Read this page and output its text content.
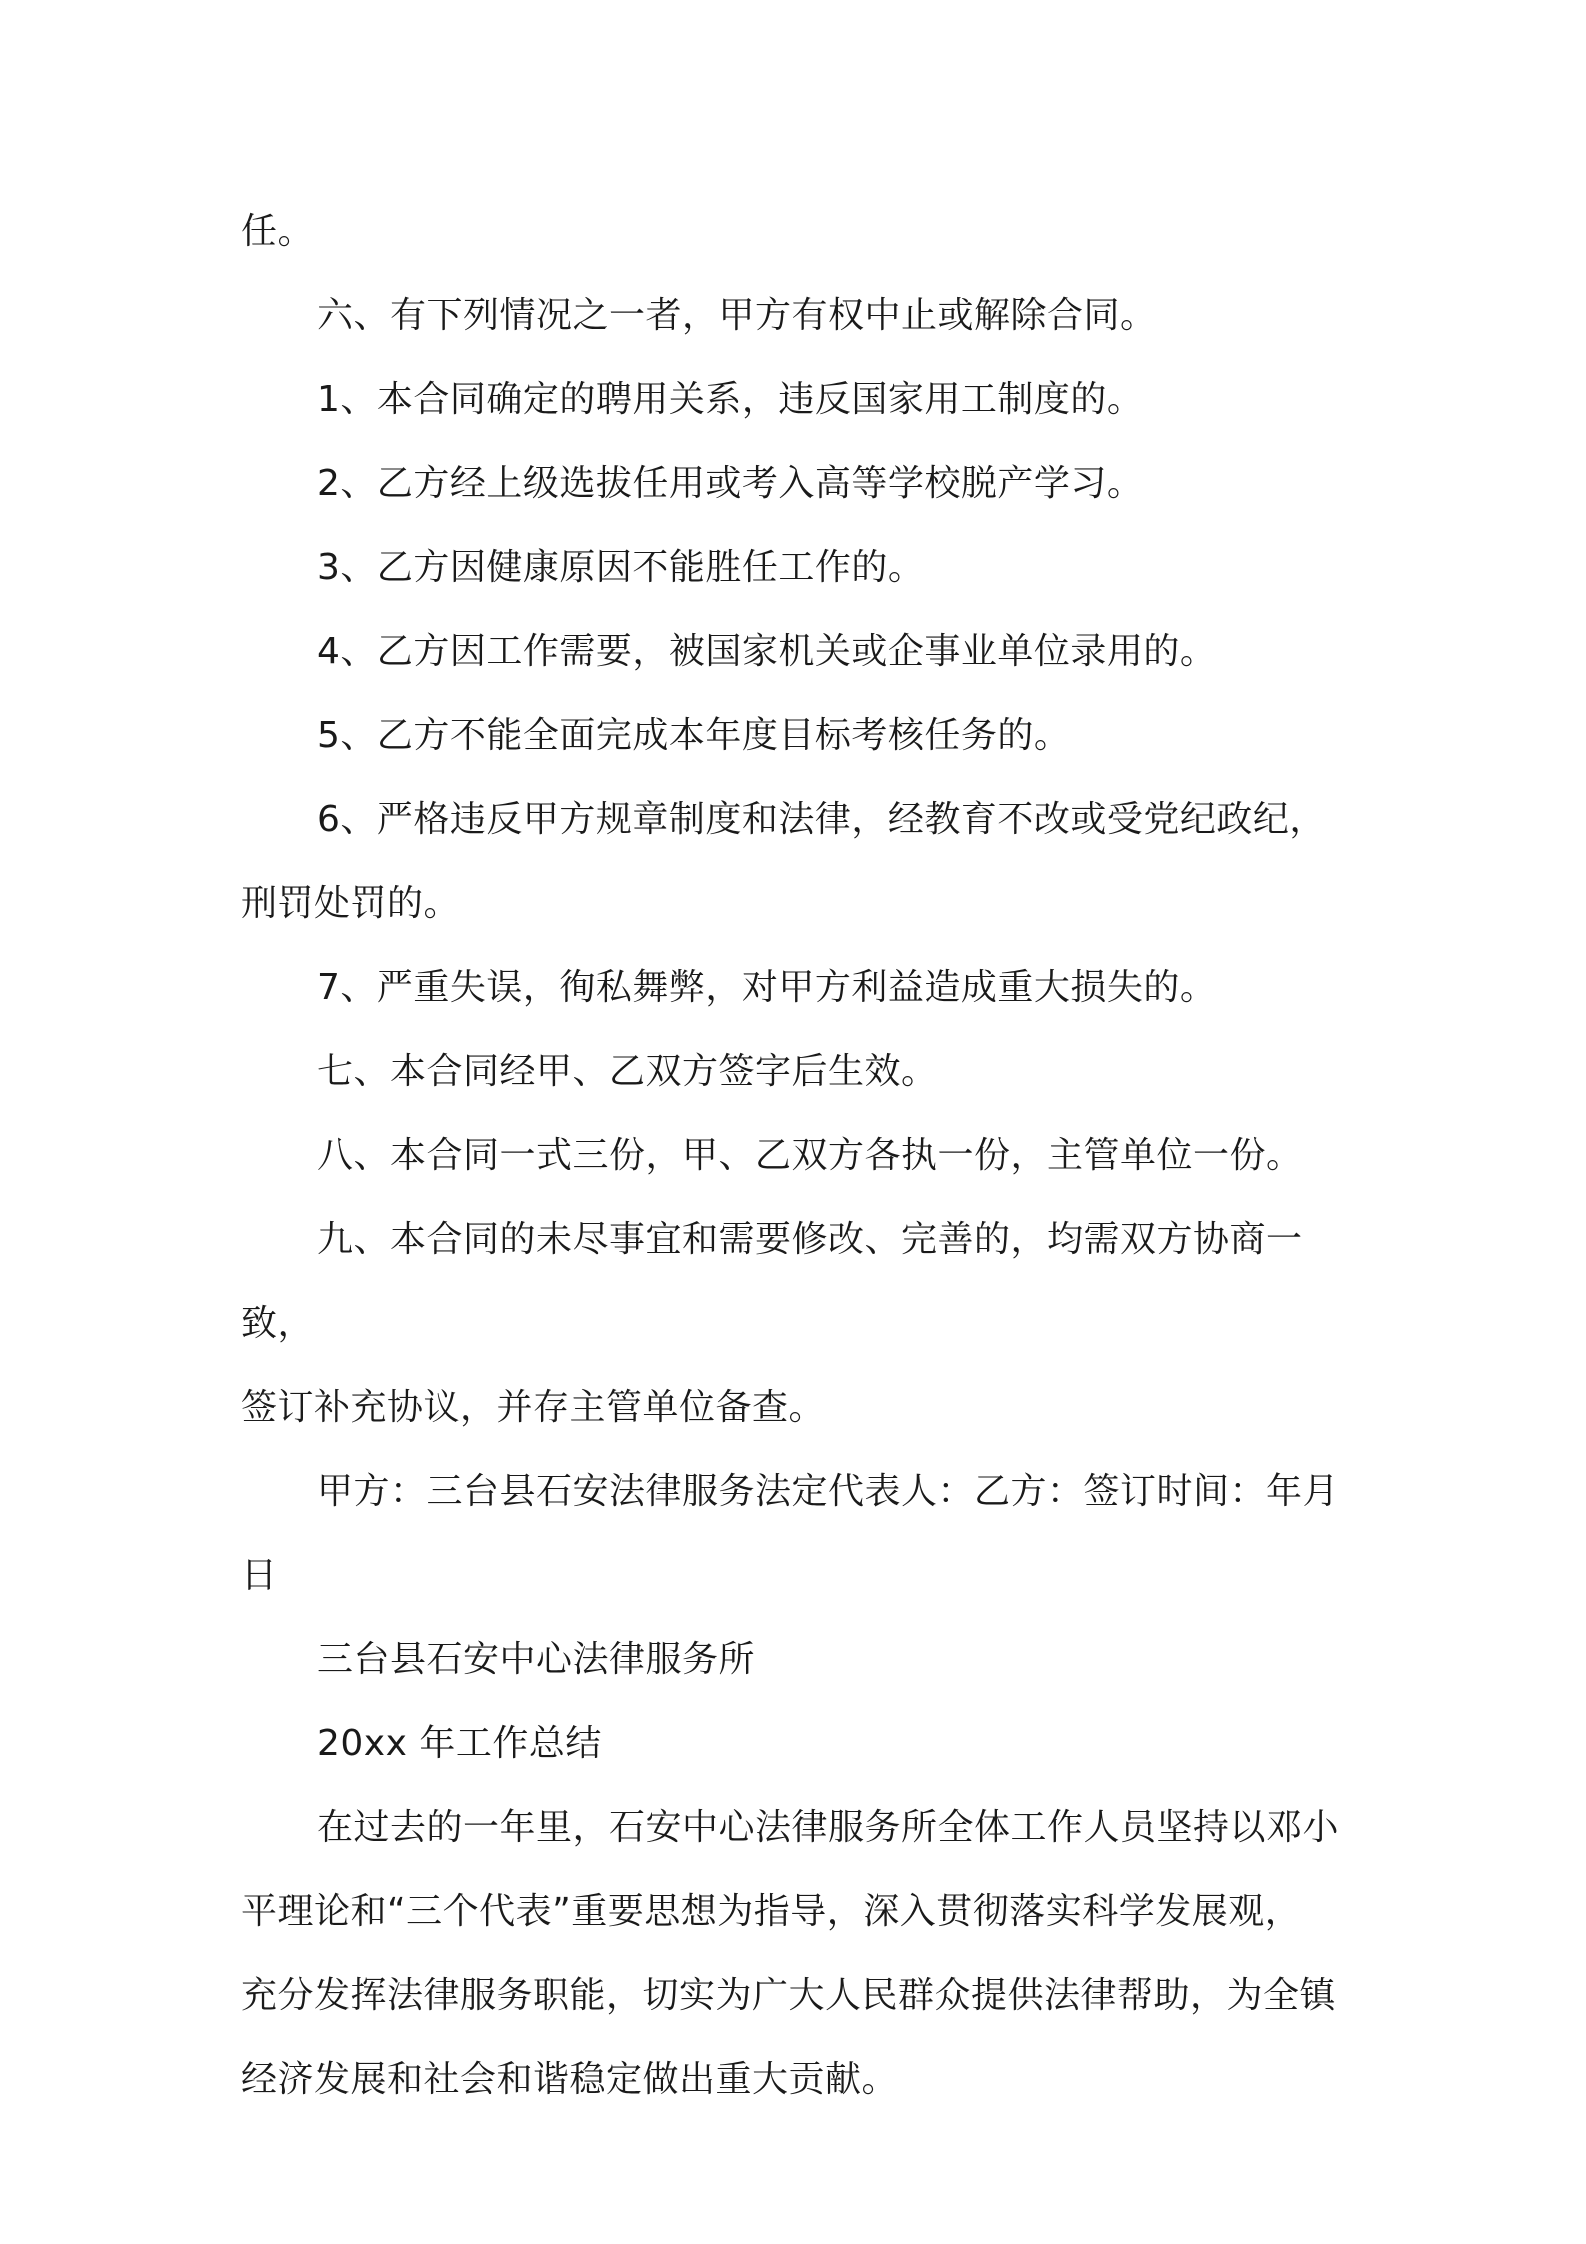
任。

六、有下列情况之一者，甲方有权中止或解除合同。

1、本合同确定的聘用关系，违反国家用工制度的。

2、乙方经上级选拔任用或考入高等学校脱产学习。

3、乙方因健康原因不能胜任工作的。

4、乙方因工作需要，被国家机关或企事业单位录用的。

5、乙方不能全面完成本年度目标考核任务的。

6、严格违反甲方规章制度和法律，经教育不改或受党纪政纪，

刑罚处罚的。

7、严重失误，徇私舞弊，对甲方利益造成重大损失的。

七、本合同经甲、乙双方签字后生效。

八、本合同一式三份，甲、乙双方各执一份，主管单位一份。

九、本合同的未尽事宜和需要修改、完善的，均需双方协商一致，

签订补充协议，并存主管单位备查。

甲方：三台县石安法律服务法定代表人：乙方：签订时间：年月

日

三台县石安中心法律服务所

20xx 年工作总结

在过去的一年里，石安中心法律服务所全体工作人员坚持以邓小

平理论和“三个代表”重要思想为指导，深入贯彻落实科学发展观，

充分发挥法律服务职能，切实为广大人民群众提供法律帮助，为全镇

经济发展和社会和谐稳定做出重大贡献。
